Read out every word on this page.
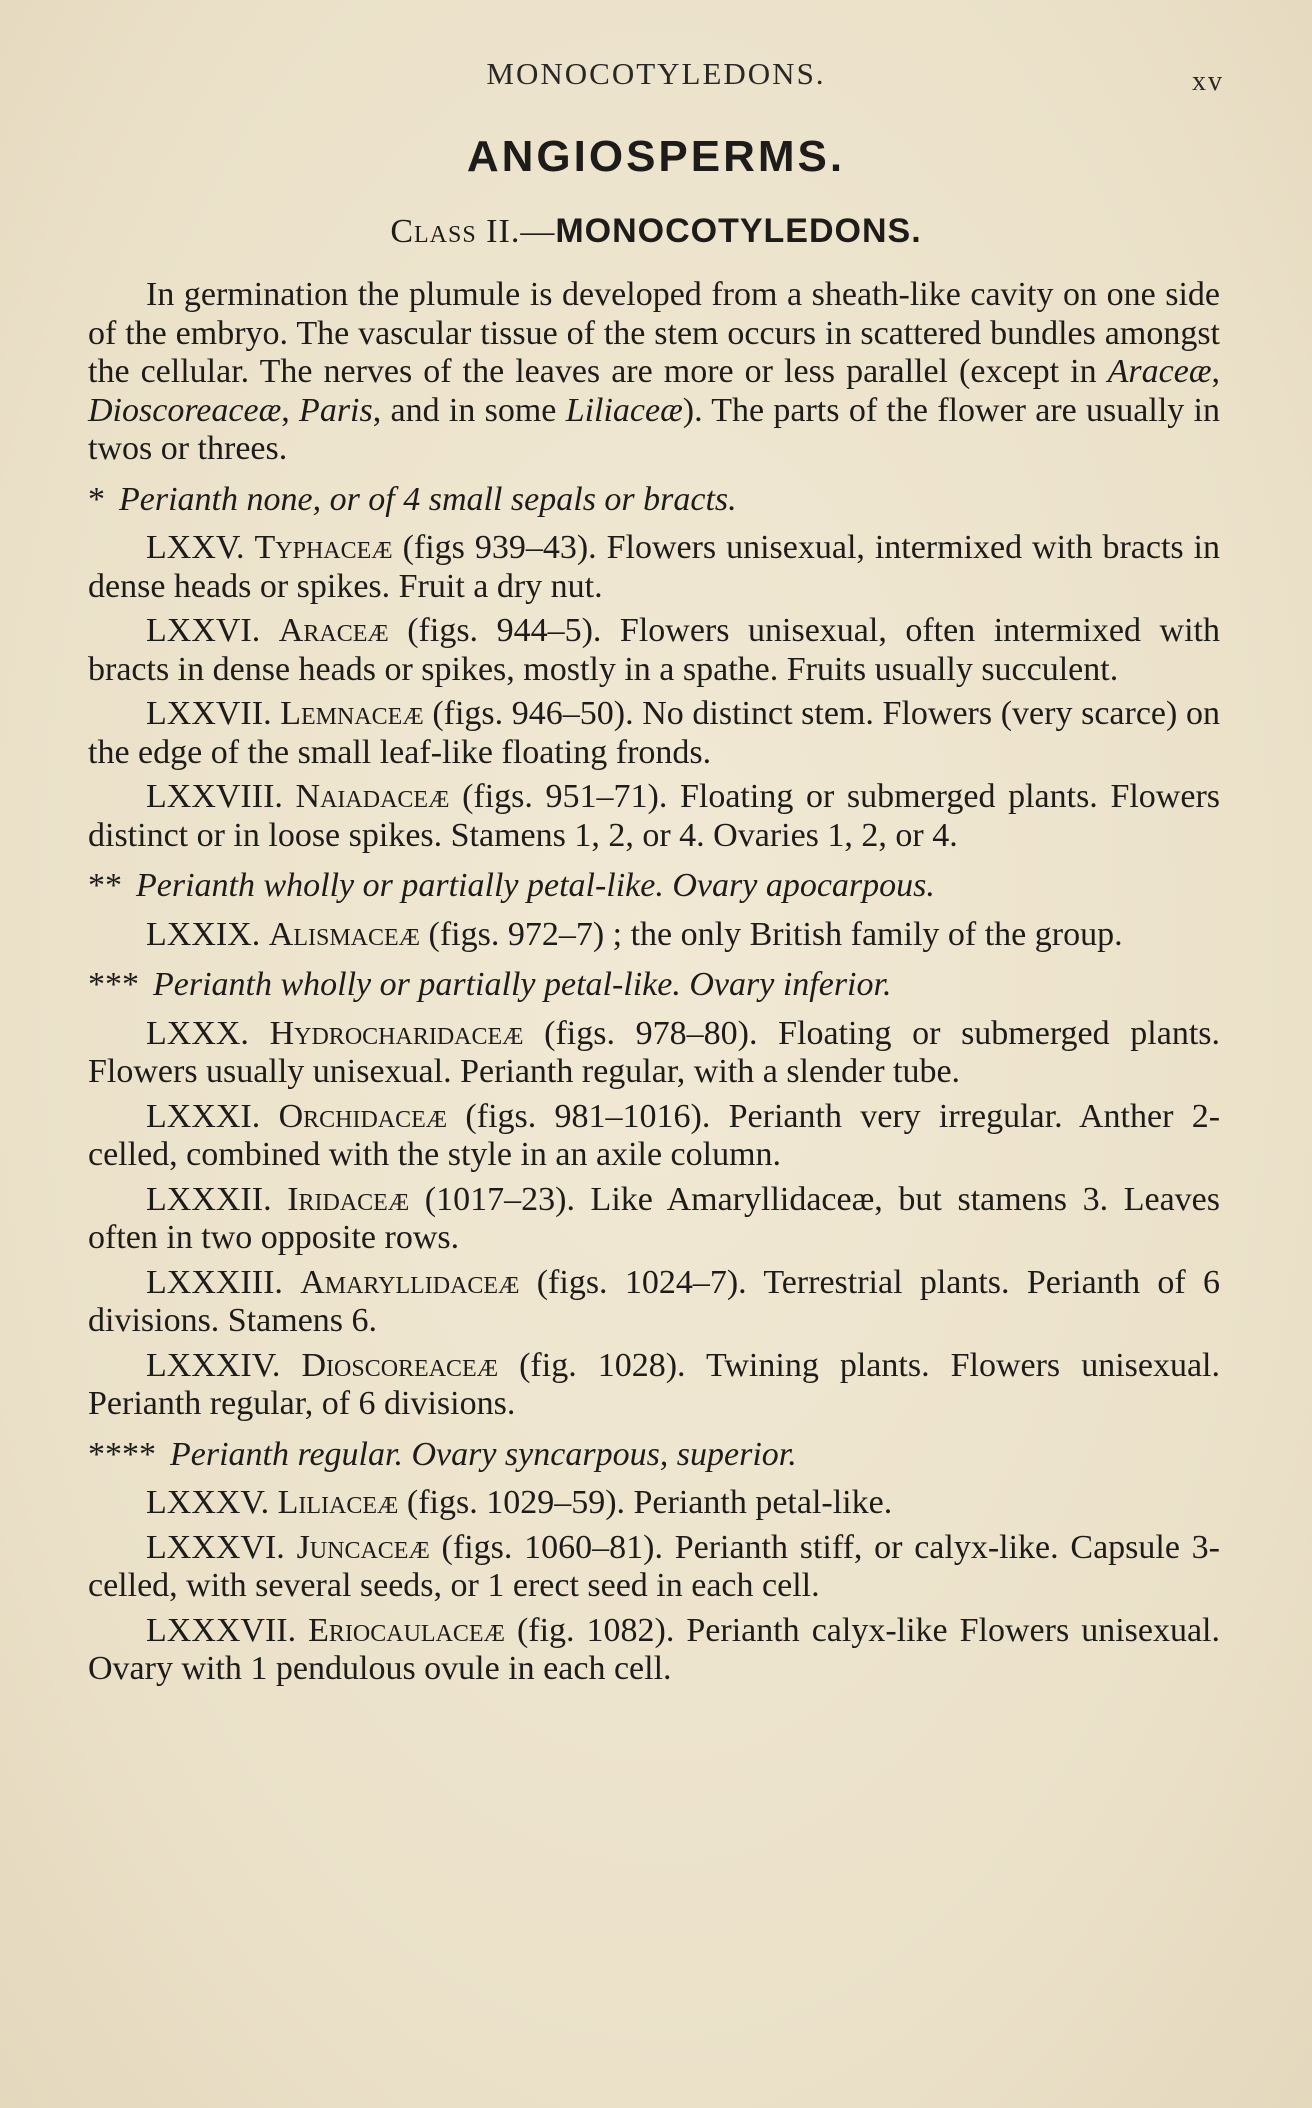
MONOCOTYLEDONS.	xv
ANGIOSPERMS.
Class II.—MONOCOTYLEDONS.

In germination the plumule is developed from a sheath-like cavity on one side of the embryo. The vascular tissue of the stem occurs in scattered bundles amongst the cellular. The nerves of the leaves are more or less parallel (except in Araceæ, Dioscoreaceæ, Paris, and in some Liliaceæ). The parts of the flower are usually in twos or threes.

* Perianth none, or of 4 small sepals or bracts.

LXXV. Typhaceæ (figs 939–43). Flowers unisexual, intermixed with bracts in dense heads or spikes. Fruit a dry nut.

LXXVI. Araceæ (figs. 944–5). Flowers unisexual, often intermixed with bracts in dense heads or spikes, mostly in a spathe. Fruits usually succulent.

LXXVII. Lemnaceæ (figs. 946–50). No distinct stem. Flowers (very scarce) on the edge of the small leaf-like floating fronds.

LXXVIII. Naiadaceæ (figs. 951–71). Floating or submerged plants. Flowers distinct or in loose spikes. Stamens 1, 2, or 4. Ovaries 1, 2, or 4.

** Perianth wholly or partially petal-like. Ovary apocarpous.

LXXIX. Alismaceæ (figs. 972–7) ; the only British family of the group.

*** Perianth wholly or partially petal-like. Ovary inferior.

LXXX. Hydrocharidaceæ (figs. 978–80). Floating or submerged plants. Flowers usually unisexual. Perianth regular, with a slender tube.

LXXXI. Orchidaceæ (figs. 981–1016). Perianth very irregular. Anther 2-celled, combined with the style in an axile column.

LXXXII. Iridaceæ (1017–23). Like Amaryllidaceæ, but stamens 3. Leaves often in two opposite rows.

LXXXIII. Amaryllidaceæ (figs. 1024–7). Terrestrial plants. Perianth of 6 divisions. Stamens 6.

LXXXIV. Dioscoreaceæ (fig. 1028). Twining plants. Flowers unisexual. Perianth regular, of 6 divisions.

**** Perianth regular. Ovary syncarpous, superior.

LXXXV. Liliaceæ (figs. 1029–59). Perianth petal-like.

LXXXVI. Juncaceæ (figs. 1060–81). Perianth stiff, or calyx-like. Capsule 3-celled, with several seeds, or 1 erect seed in each cell.

LXXXVII. Eriocaulaceæ (fig. 1082). Perianth calyx-like Flowers unisexual. Ovary with 1 pendulous ovule in each cell.
